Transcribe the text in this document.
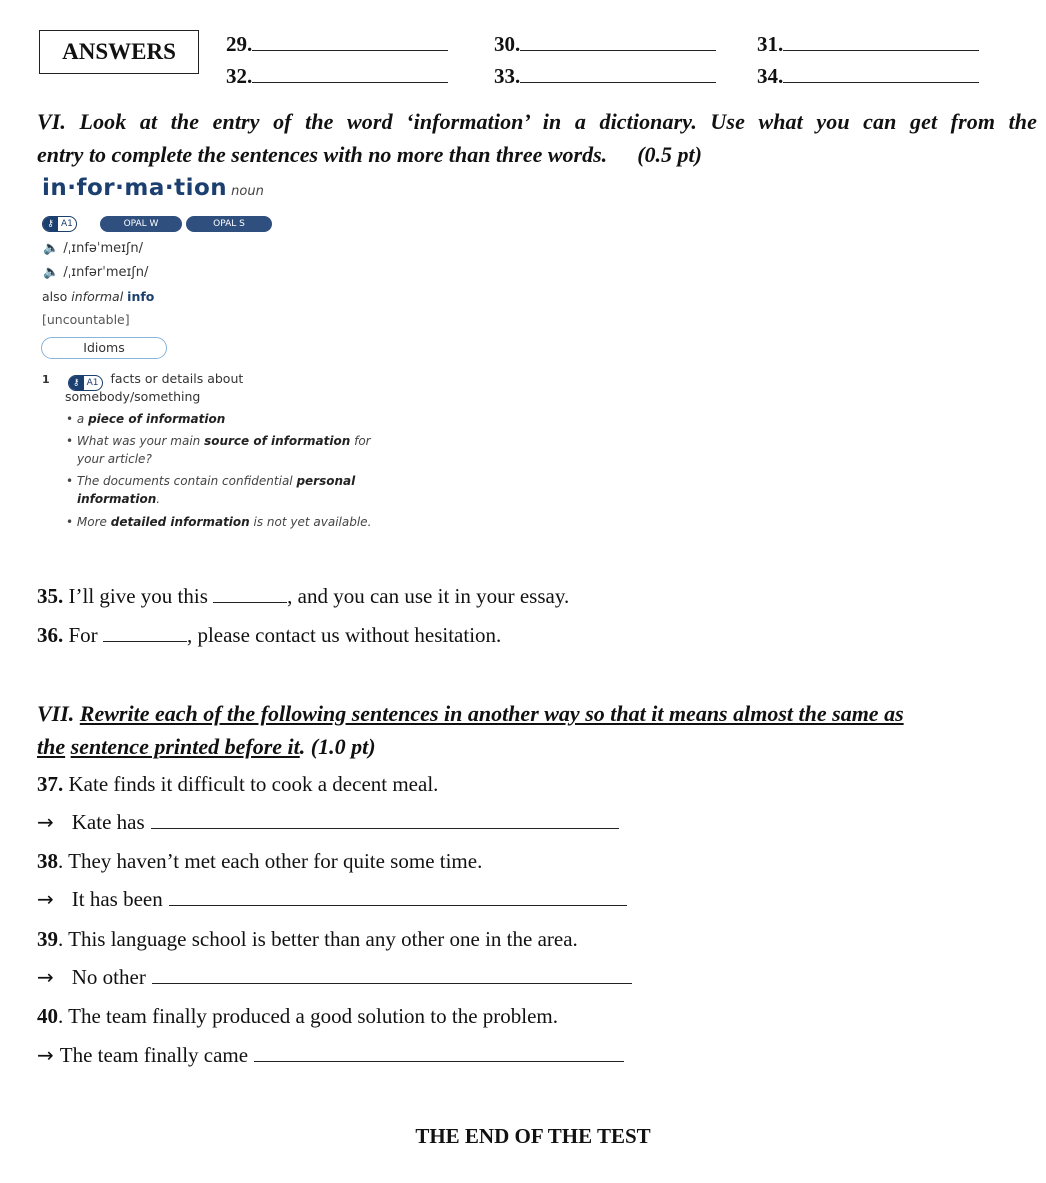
ANSWERS	29.	30.	31.
32.	33.	34.
VI. Look at the entry of the word ‘information’ in a dictionary. Use what you can get from the
entry to complete the sentences with no more than three words. (0.5 pt)
in·for·ma·tion noun
⚷ A1	OPAL W	OPAL S
🔈 /ˌɪnfəˈmeɪʃn/
🔈 /ˌɪnfərˈmeɪʃn/
also informal info
[uncountable]
Idioms
1	⚷ A1 facts or details about
somebody/something
• a piece of information
• What was your main source of information for
your article?
• The documents contain confidential personal
information.
• More detailed information is not yet available.
35. I’ll give you this	, and you can use it in your essay.
36. For	, please contact us without hesitation.
VII. Rewrite each of the following sentences in another way so that it means almost the same as
the sentence printed before it. (1.0 pt)
37. Kate finds it difficult to cook a decent meal.
→ Kate has
38. They haven’t met each other for quite some time.
→ It has been
39. This language school is better than any other one in the area.
→ No other
40. The team finally produced a good solution to the problem.
→ The team finally came
THE END OF THE TEST
